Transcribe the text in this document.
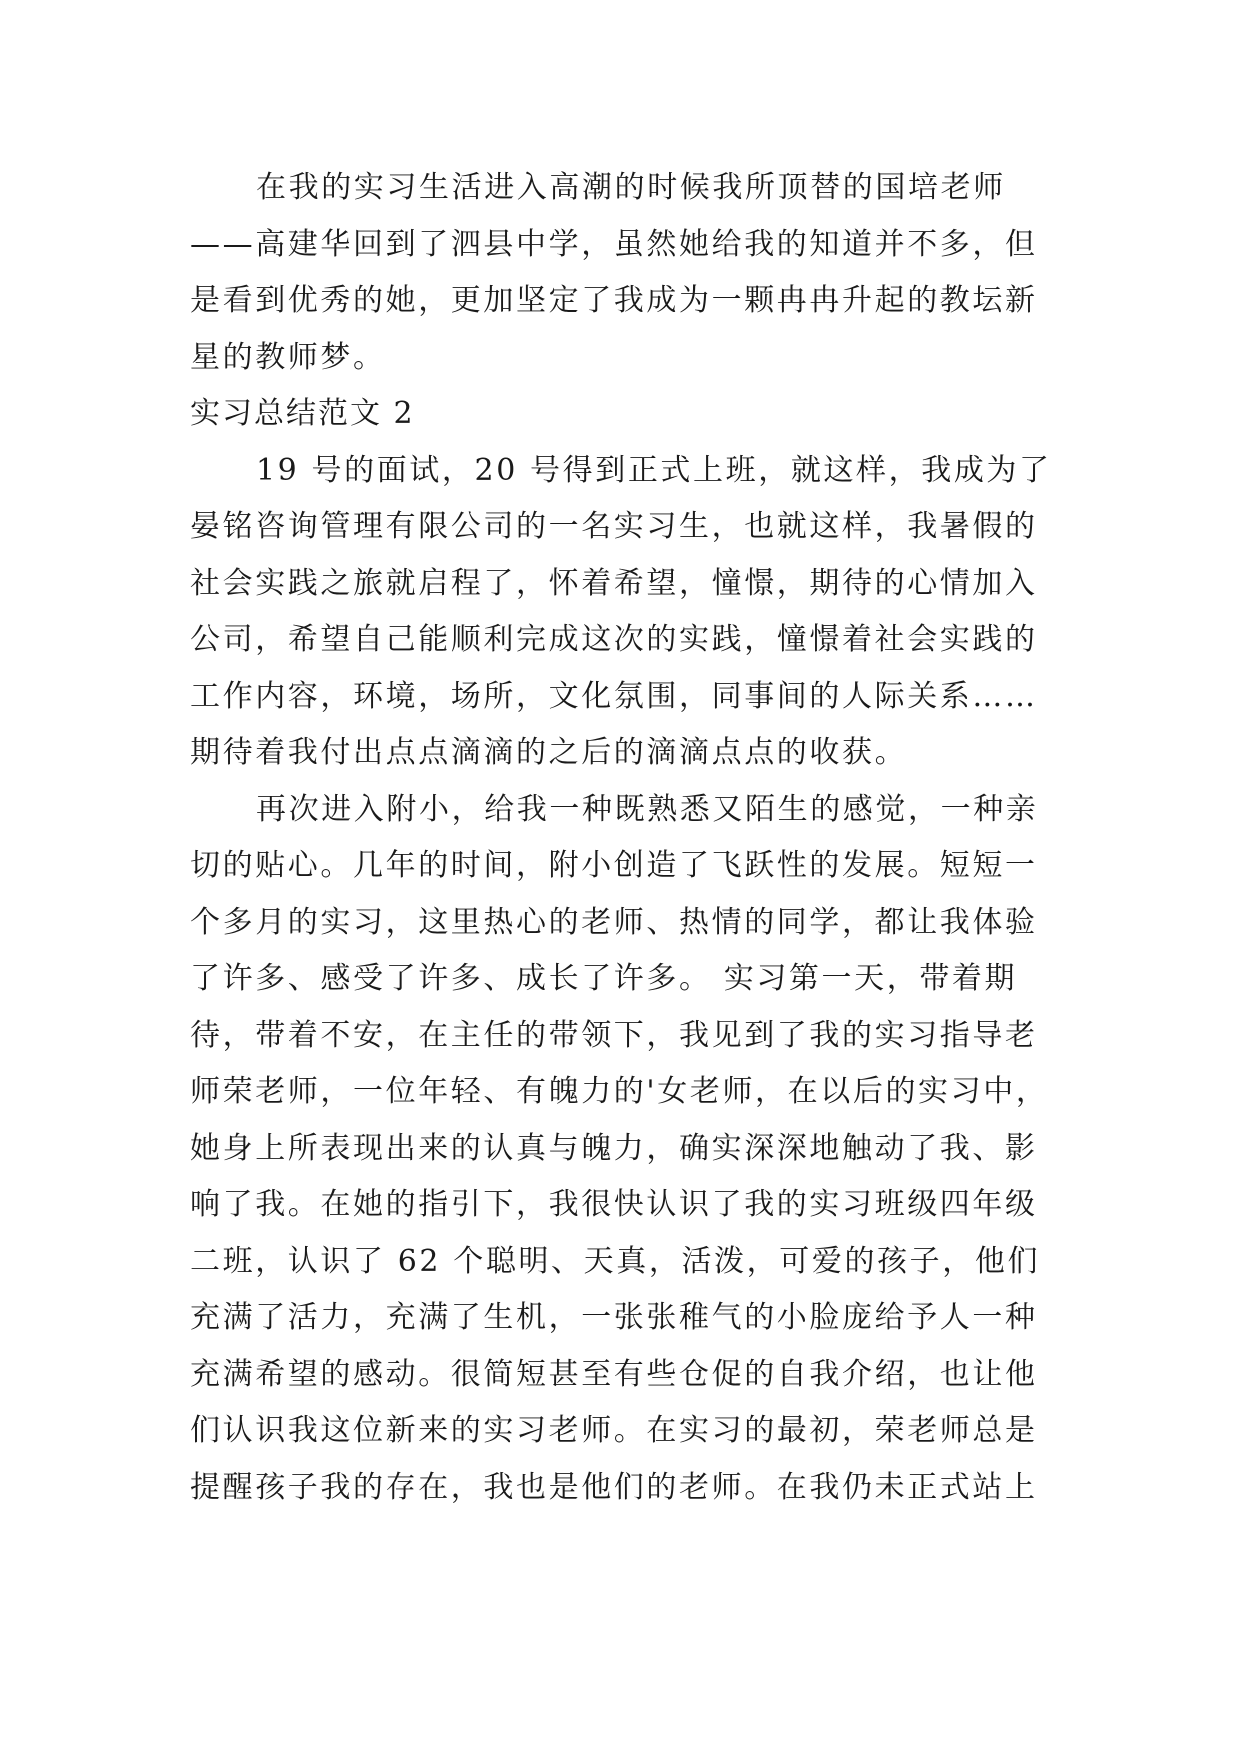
在我的实习生活进入高潮的时候我所顶替的国培老师
——高建华回到了泗县中学，虽然她给我的知道并不多，但
是看到优秀的她，更加坚定了我成为一颗冉冉升起的教坛新
星的教师梦。
实习总结范文 2
19 号的面试，20 号得到正式上班，就这样，我成为了
晏铭咨询管理有限公司的一名实习生，也就这样，我暑假的
社会实践之旅就启程了，怀着希望，憧憬，期待的心情加入
公司，希望自己能顺利完成这次的实践，憧憬着社会实践的
工作内容，环境，场所，文化氛围，同事间的人际关系……
期待着我付出点点滴滴的之后的滴滴点点的收获。
再次进入附小，给我一种既熟悉又陌生的感觉，一种亲
切的贴心。几年的时间，附小创造了飞跃性的发展。短短一
个多月的实习，这里热心的老师、热情的同学，都让我体验
了许多、感受了许多、成长了许多。 实习第一天，带着期
待，带着不安，在主任的带领下，我见到了我的实习指导老
师荣老师，一位年轻、有魄力的'女老师，在以后的实习中，
她身上所表现出来的认真与魄力，确实深深地触动了我、影
响了我。在她的指引下，我很快认识了我的实习班级四年级
二班，认识了 62 个聪明、天真，活泼，可爱的孩子，他们
充满了活力，充满了生机，一张张稚气的小脸庞给予人一种
充满希望的感动。很简短甚至有些仓促的自我介绍，也让他
们认识我这位新来的实习老师。在实习的最初，荣老师总是
提醒孩子我的存在，我也是他们的老师。在我仍未正式站上
